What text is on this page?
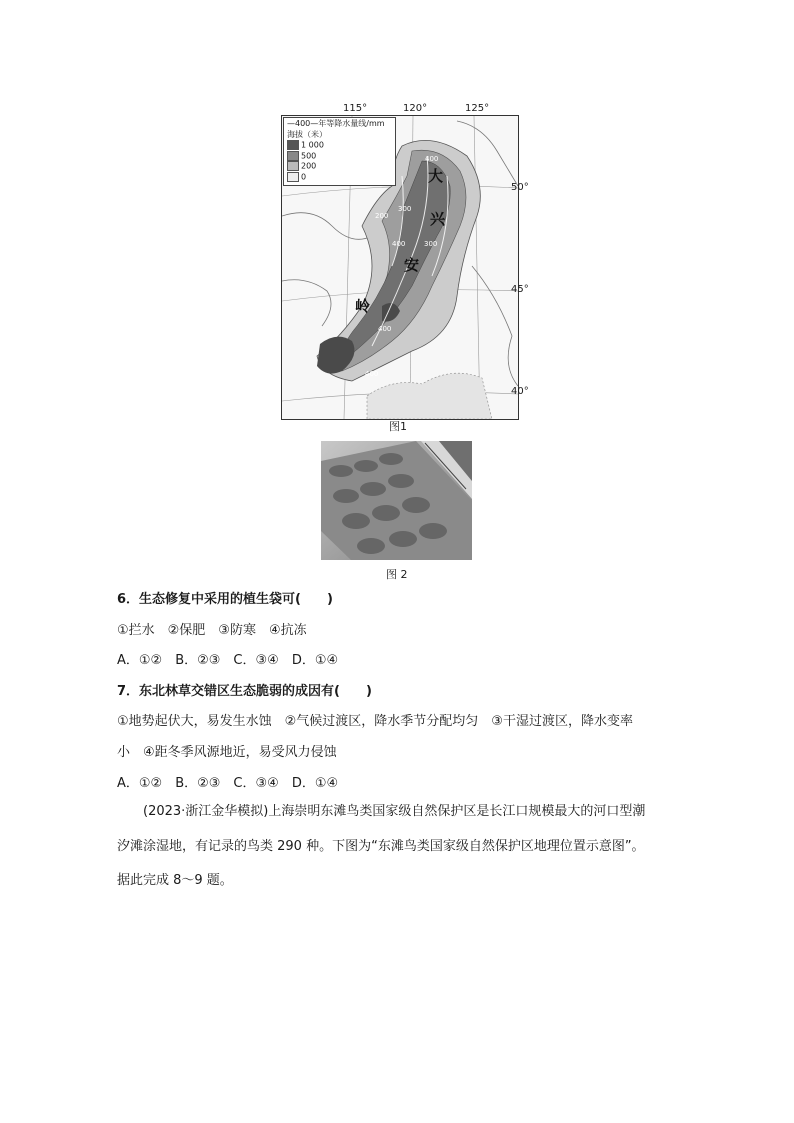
115°	120°	125°
大
兴
安
岭
400
300
200
400	300
400
400
—400—年等降水量线/mm
海拔（米）
1 000
500
200
0
50°
45°
40°
图1
图 2
6．生态修复中采用的植生袋可(　　)
①拦水　②保肥　③防寒　④抗冻
A．①②　B．②③　C．③④　D．①④
7．东北林草交错区生态脆弱的成因有(　　)
①地势起伏大，易发生水蚀　②气候过渡区，降水季节分配均匀　③干湿过渡区，降水变率
小　④距冬季风源地近，易受风力侵蚀
A．①②　B．②③　C．③④　D．①④
(2023·浙江金华模拟)上海崇明东滩鸟类国家级自然保护区是长江口规模最大的河口型潮
汐滩涂湿地，有记录的鸟类 290 种。下图为“东滩鸟类国家级自然保护区地理位置示意图”。
据此完成 8～9 题。
